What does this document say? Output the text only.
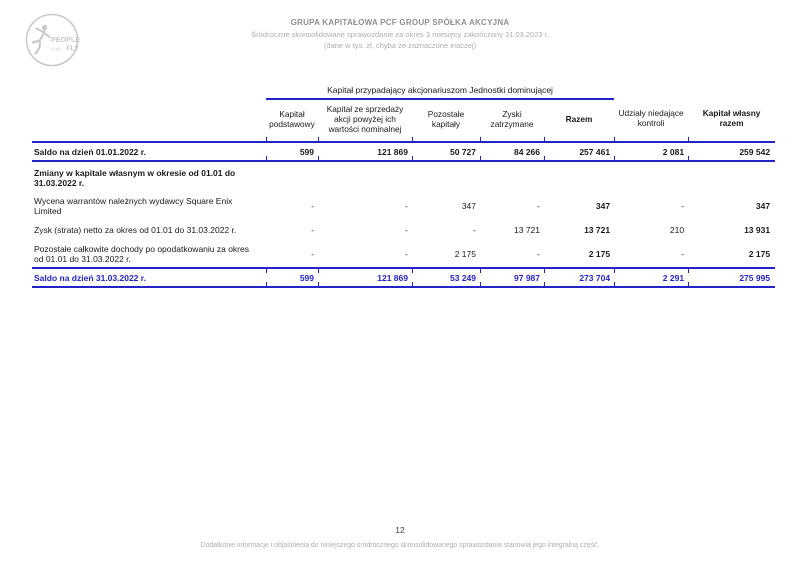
PEOPLE
CAN FLY
GRUPA KAPITAŁOWA PCF GROUP SPÓŁKA AKCYJNA
Śródroczne skonsolidowane sprawozdanie za okres 3 miesięcy zakończony 31.03.2023 r.
(dane w tys. zł, chyba że zaznaczone inaczej)
	Kapitał przypadający akcjonariuszom Jednostki dominującej						
	Kapitał podstawowy	Kapitał ze sprzedaży akcji powyżej ich wartości nominalnej	Pozostałe kapitały	Zyski zatrzymane	Razem	Udziały niedające kontroli	Kapitał własny razem
Saldo na dzień 01.01.2022 r.	599	121 869	50 727	84 266	257 461	2 081	259 542
Zmiany w kapitale własnym w okresie od 01.01 do 31.03.2022 r.							
Wycena warrantów należnych wydawcy Square Enix Limited	-	-	347	-	347	-	347
Zysk (strata) netto za okres od 01.01 do 31.03.2022 r.	-	-	-	13 721	13 721	210	13 931
Pozostałe całkowite dochody po opodatkowaniu za okres od 01.01 do 31.03.2022 r.	-	-	2 175	-	2 175	-	2 175
Saldo na dzień 31.03.2022 r.	599	121 869	53 249	97 987	273 704	2 291	275 995
12
Dodatkowe informacje i objaśnienia do niniejszego śródrocznego skonsolidowanego sprawozdania stanowią jego integralną część.
